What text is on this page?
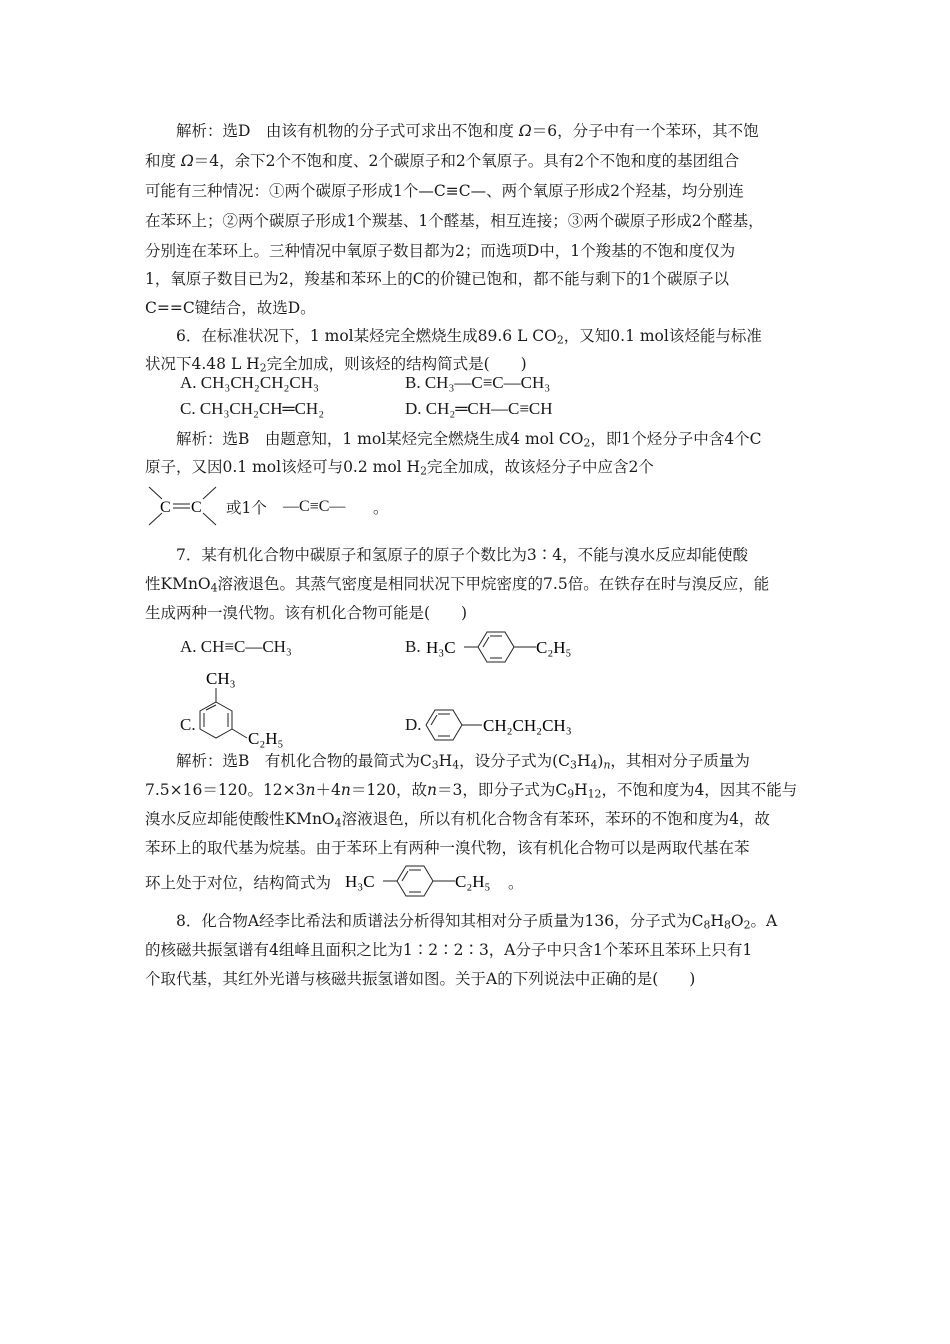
解析：选D　由该有机物的分子式可求出不饱和度 Ω＝6，分子中有一个苯环，其不饱
和度 Ω＝4，余下2个不饱和度、2个碳原子和2个氧原子。具有2个不饱和度的基团组合
可能有三种情况：①两个碳原子形成1个—C≡C—、两个氧原子形成2个羟基，均分别连
在苯环上；②两个碳原子形成1个羰基、1个醛基，相互连接；③两个碳原子形成2个醛基，
分别连在苯环上。三种情况中氧原子数目都为2；而选项D中，1个羧基的不饱和度仅为
1，氧原子数目已为2，羧基和苯环上的C的价键已饱和，都不能与剩下的1个碳原子以
C==C键结合，故选D。
6．在标准状况下，1 mol某烃完全燃烧生成89.6 L $CO_2$，又知0.1 mol该烃能与标准
状况下4.48 L $H_2$完全加成，则该烃的结构简式是(　　)
A. CH₃CH₂CH₂CH₃	B. CH₃—C≡C—CH₃
C. CH₃CH₂CH═CH₂	D. CH₂═CH—C≡CH
解析：选B　由题意知，1 mol某烃完全燃烧生成4 mol $CO_2$，即1个烃分子中含4个C
原子，又因0.1 mol该烃可与0.2 mol $H_2$完全加成，故该烃分子中应含2个
C C 或1个 —C≡C— 。
7．某有机化合物中碳原子和氢原子的原子个数比为3∶4，不能与溴水反应却能使酸
性KMnO$_4$溶液退色。其蒸气密度是相同状况下甲烷密度的7.5倍。在铁存在时与溴反应，能
生成两种一溴代物。该有机化合物可能是(　　)
A. CH≡C—CH₃	B. H₃C	C₂H₅
C.
CH₃
C₂H₅
D.	CH₂CH₂CH₃
解析：选B　有机化合物的最简式为$C_3H_4$，设分子式为$(C_3H_4)_n$，其相对分子质量为
7.5×16＝120。12×3n＋4n＝120，故n＝3，即分子式为$C_9H_{12}$，不饱和度为4，因其不能与
溴水反应却能使酸性KMnO$_4$溶液退色，所以有机化合物含有苯环，苯环的不饱和度为4，故
苯环上的取代基为烷基。由于苯环上有两种一溴代物，该有机化合物可以是两取代基在苯
环上处于对位，结构简式为 H₃C	C₂H₅ 。
8．化合物A经李比希法和质谱法分析得知其相对分子质量为136，分子式为$C_8H_8O_2$。A
的核磁共振氢谱有4组峰且面积之比为1∶2∶2∶3，A分子中只含1个苯环且苯环上只有1
个取代基，其红外光谱与核磁共振氢谱如图。关于A的下列说法中正确的是(　　)
